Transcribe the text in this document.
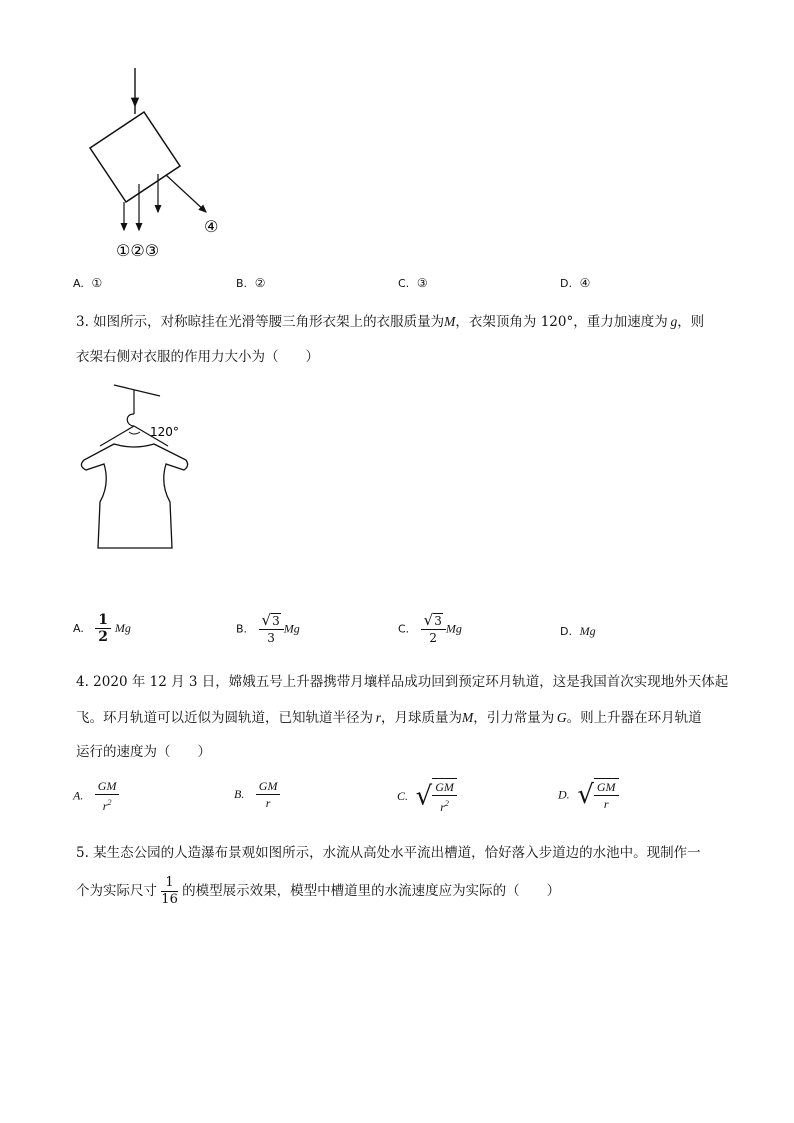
①②③
④
A. ①	B. ②	C. ③	D. ④
3. 如图所示，对称晾挂在光滑等腰三角形衣架上的衣服质量为M，衣架顶角为 120°，重力加速度为  g，则
衣架右侧对衣服的作用力大小为（　　）
120°
A. $\frac{1}{2}$ Mg	B. $\frac{√3}{3}$ Mg	C. $\frac{√3}{2}$ Mg	D. Mg
4. 2020 年 12 月 3 日，嫦娥五号上升器携带月壤样品成功回到预定环月轨道，这是我国首次实现地外天体起
飞。环月轨道可以近似为圆轨道，已知轨道半径为  r，月球质量为M，引力常量为  G。则上升器在环月轨道
运行的速度为（　　）
A. $\frac{GM}{r^2}$	B. $\frac{GM}{r}$	C. √ $\frac{GM}{r^2}$	D. √ $\frac{GM}{r}$
5. 某生态公园的人造瀑布景观如图所示，水流从高处水平流出槽道，恰好落入步道边的水池中。现制作一
个为实际尺寸 $\frac{1}{16}$ 的模型展示效果，模型中槽道里的水流速度应为实际的（　　）
